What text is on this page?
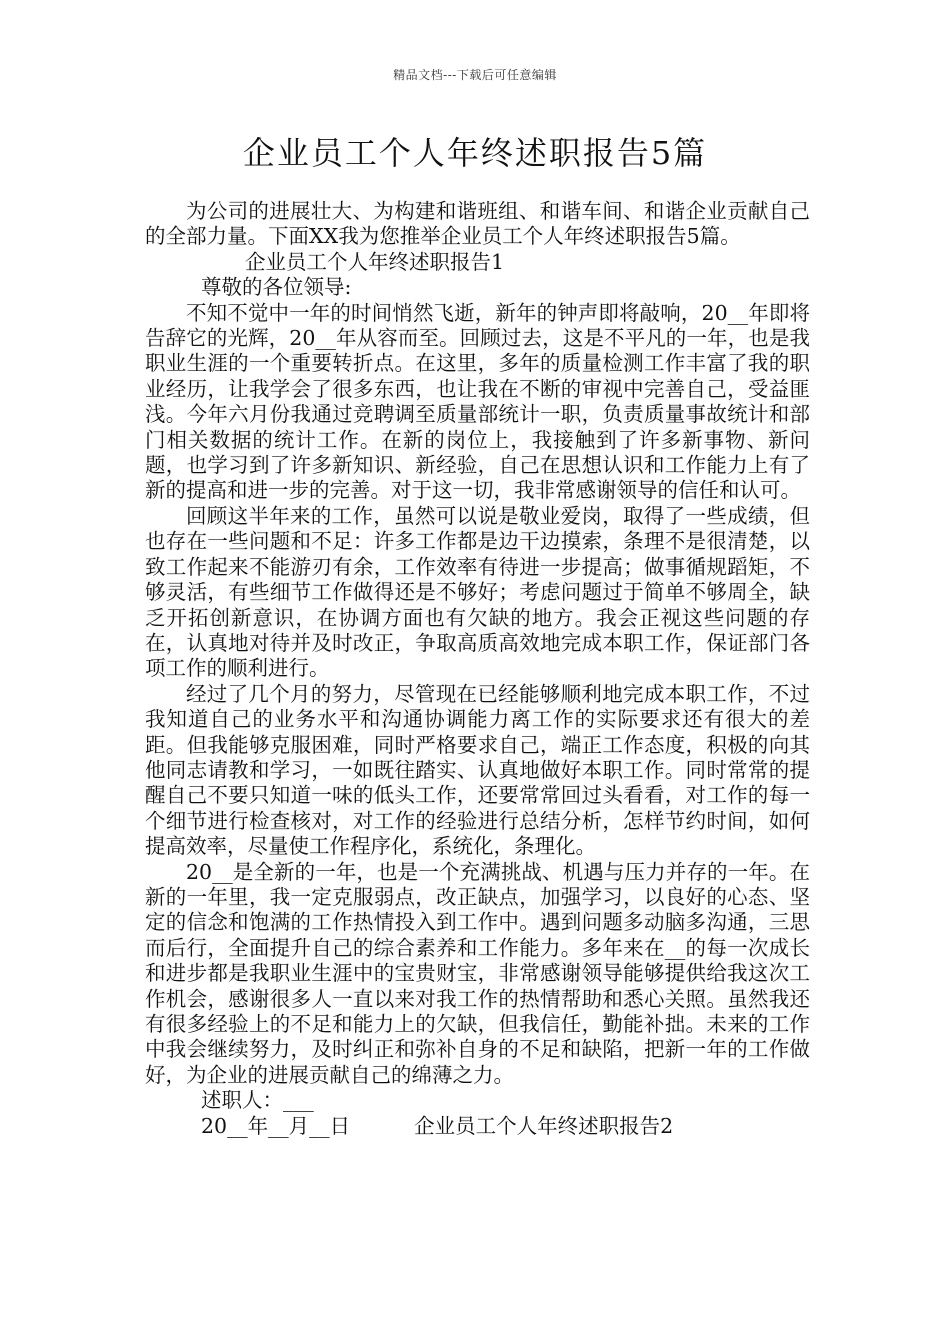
精品文档---下载后可任意编辑
企业员工个人年终述职报告5篇

为公司的进展壮大、为构建和谐班组、和谐车间、和谐企业贡献自己的全部力量。下面XX我为您推举企业员工个人年终述职报告5篇。

企业员工个人年终述职报告1

尊敬的各位领导:

不知不觉中一年的时间悄然飞逝，新年的钟声即将敲响，20__年即将告辞它的光辉，20__年从容而至。回顾过去，这是不平凡的一年，也是我职业生涯的一个重要转折点。在这里，多年的质量检测工作丰富了我的职业经历，让我学会了很多东西，也让我在不断的审视中完善自己，受益匪浅。今年六月份我通过竞聘调至质量部统计一职，负责质量事故统计和部门相关数据的统计工作。在新的岗位上，我接触到了许多新事物、新问题，也学习到了许多新知识、新经验，自己在思想认识和工作能力上有了新的提高和进一步的完善。对于这一切，我非常感谢领导的信任和认可。

回顾这半年来的工作，虽然可以说是敬业爱岗，取得了一些成绩，但也存在一些问题和不足：许多工作都是边干边摸索，条理不是很清楚，以致工作起来不能游刃有余，工作效率有待进一步提高；做事循规蹈矩，不够灵活，有些细节工作做得还是不够好；考虑问题过于简单不够周全，缺乏开拓创新意识，在协调方面也有欠缺的地方。我会正视这些问题的存在，认真地对待并及时改正，争取高质高效地完成本职工作，保证部门各项工作的顺利进行。

经过了几个月的努力，尽管现在已经能够顺利地完成本职工作，不过我知道自己的业务水平和沟通协调能力离工作的实际要求还有很大的差距。但我能够克服困难，同时严格要求自己，端正工作态度，积极的向其他同志请教和学习，一如既往踏实、认真地做好本职工作。同时常常的提醒自己不要只知道一味的低头工作，还要常常回过头看看，对工作的每一个细节进行检查核对，对工作的经验进行总结分析，怎样节约时间，如何提高效率，尽量使工作程序化，系统化，条理化。

20__是全新的一年，也是一个充满挑战、机遇与压力并存的一年。在新的一年里，我一定克服弱点，改正缺点，加强学习，以良好的心态、坚定的信念和饱满的工作热情投入到工作中。遇到问题多动脑多沟通，三思而后行，全面提升自己的综合素养和工作能力。多年来在__的每一次成长和进步都是我职业生涯中的宝贵财宝，非常感谢领导能够提供给我这次工作机会，感谢很多人一直以来对我工作的热情帮助和悉心关照。虽然我还有很多经验上的不足和能力上的欠缺，但我信任，勤能补拙。未来的工作中我会继续努力，及时纠正和弥补自身的不足和缺陷，把新一年的工作做好，为企业的进展贡献自己的绵薄之力。

述职人：___

20__年__月__日	企业员工个人年终述职报告2
